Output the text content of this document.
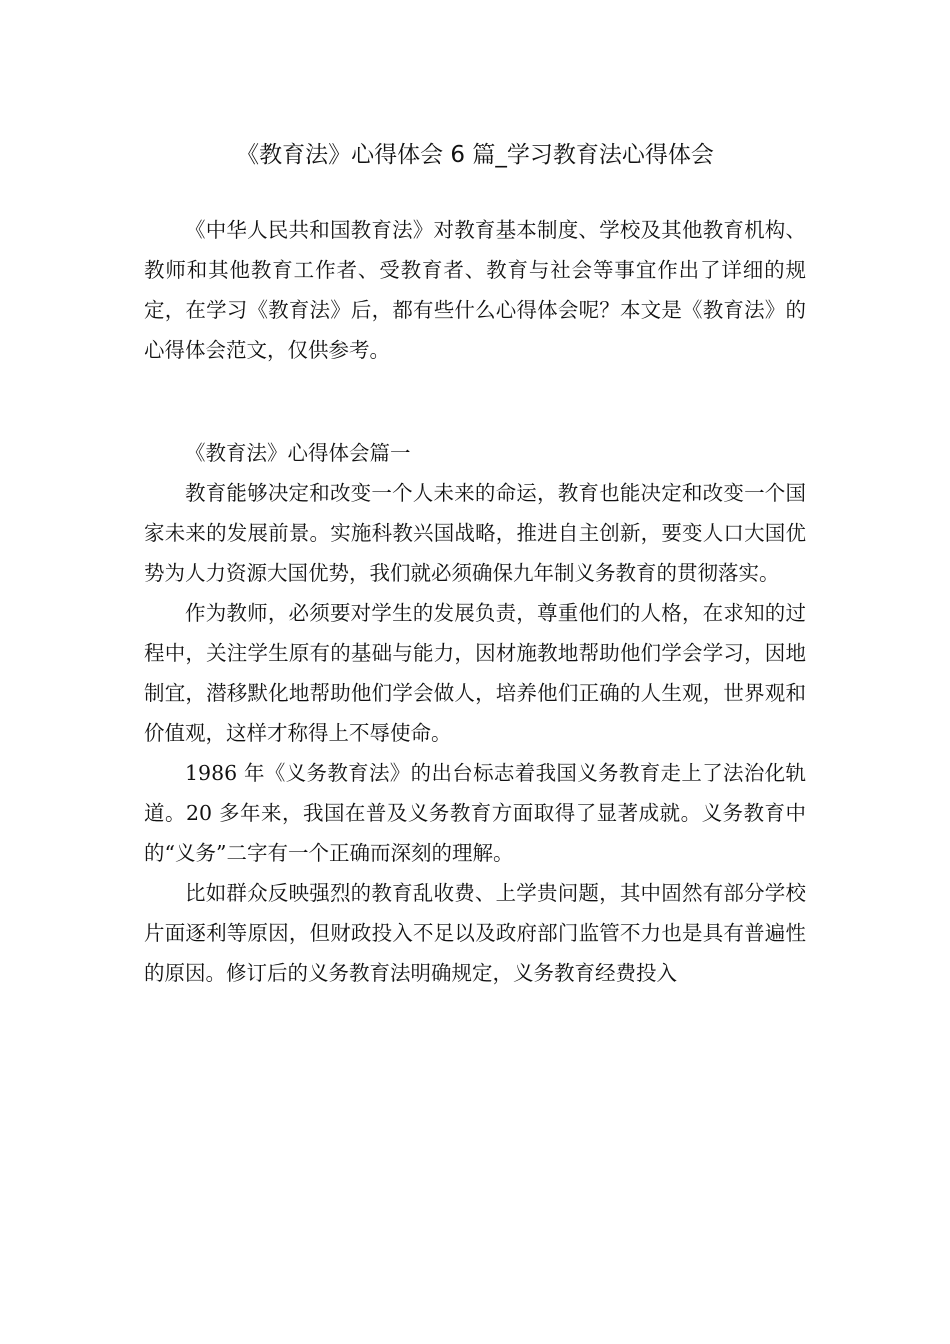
《教育法》心得体会 6 篇_学习教育法心得体会

《中华人民共和国教育法》对教育基本制度、学校及其他教育机构、教师和其他教育工作者、受教育者、教育与社会等事宜作出了详细的规定，在学习《教育法》后，都有些什么心得体会呢？本文是《教育法》的心得体会范文，仅供参考。

《教育法》心得体会篇一

教育能够决定和改变一个人未来的命运，教育也能决定和改变一个国家未来的发展前景。实施科教兴国战略，推进自主创新，要变人口大国优势为人力资源大国优势，我们就必须确保九年制义务教育的贯彻落实。

作为教师，必须要对学生的发展负责，尊重他们的人格，在求知的过程中，关注学生原有的基础与能力，因材施教地帮助他们学会学习，因地制宜，潜移默化地帮助他们学会做人，培养他们正确的人生观，世界观和价值观，这样才称得上不辱使命。

1986 年《义务教育法》的出台标志着我国义务教育走上了法治化轨道。20 多年来，我国在普及义务教育方面取得了显著成就。义务教育中的“义务”二字有一个正确而深刻的理解。

比如群众反映强烈的教育乱收费、上学贵问题，其中固然有部分学校片面逐利等原因，但财政投入不足以及政府部门监管不力也是具有普遍性的原因。修订后的义务教育法明确规定，义务教育经费投入
